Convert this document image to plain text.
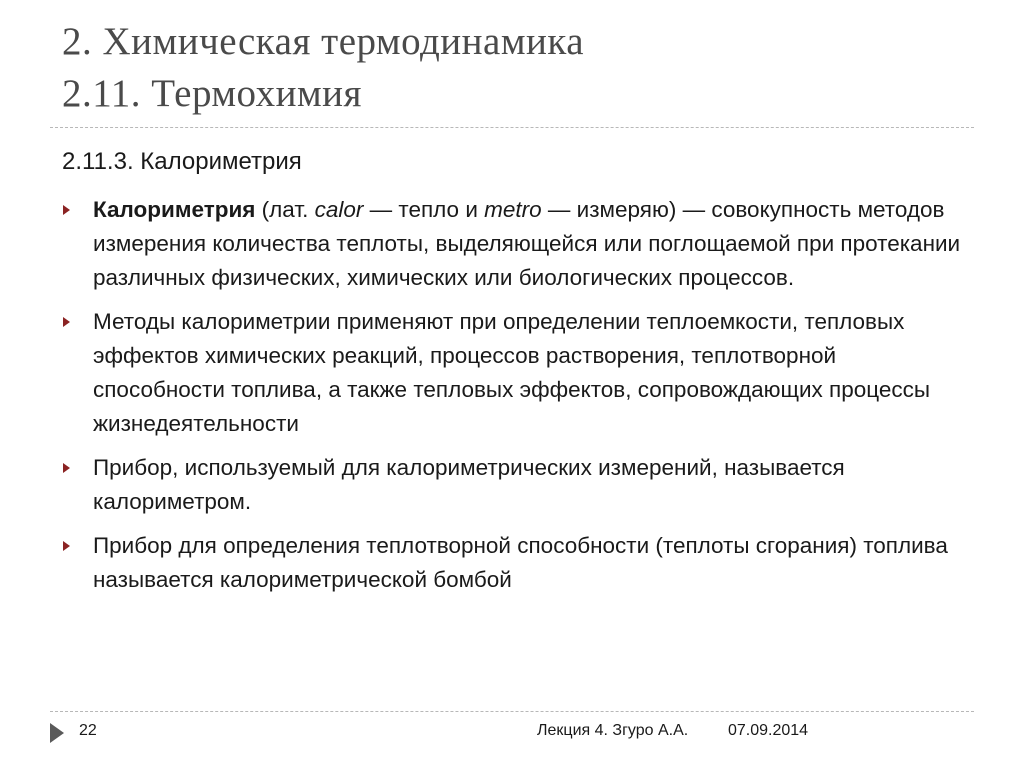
2. Химическая термодинамика
2.11. Термохимия
2.11.3. Калориметрия
Калориметрия (лат. calor — тепло и metro — измеряю) — совокупность методов измерения количества теплоты, выделяющейся или поглощаемой при протекании различных физических, химических или биологических процессов.
Методы калориметрии применяют при определении теплоемкости, тепловых эффектов химических реакций, процессов растворения, теплотворной способности топлива, а также тепловых эффектов, сопровождающих процессы жизнедеятельности
Прибор, используемый для калориметрических измерений, называется калориметром.
Прибор для определения теплотворной способности (теплоты сгорания) топлива называется калориметрической бомбой
22	Лекция 4. Згуро А.А. 07.09.2014
